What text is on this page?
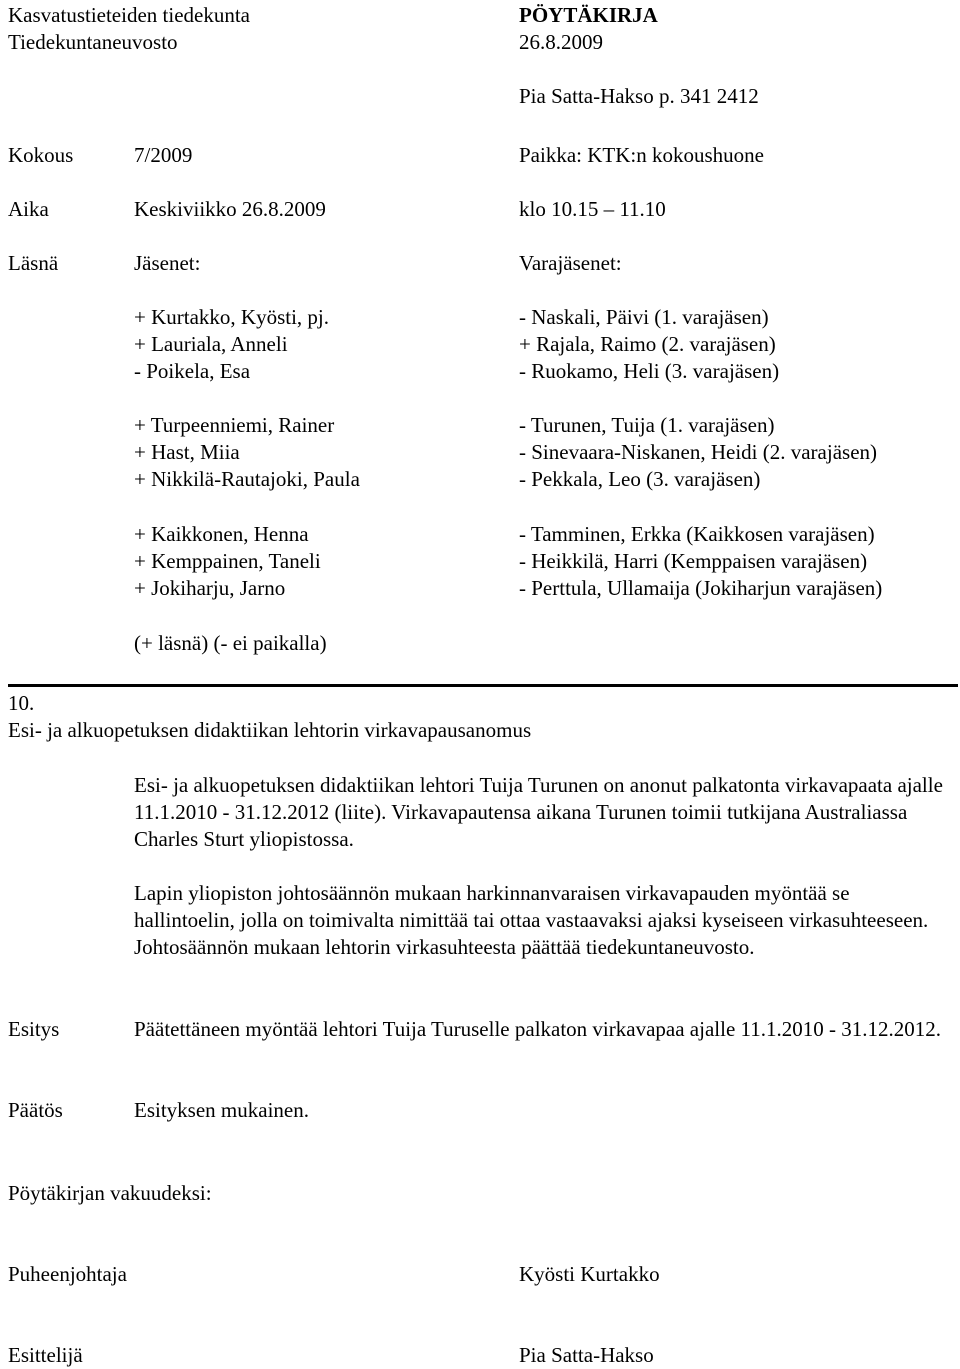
Kasvatustieteiden tiedekunta
Tiedekuntaneuvosto
PÖYTÄKIRJA
26.8.2009
Pia Satta-Hakso p. 341 2412
Kokous	7/2009	Paikka: KTK:n kokoushuone
Aika	Keskiviikko 26.8.2009	klo 10.15 – 11.10
Läsnä	Jäsenet:	Varajäsenet:
+ Kurtakko, Kyösti, pj.	- Naskali, Päivi (1. varajäsen)
+ Lauriala, Anneli	+ Rajala, Raimo (2. varajäsen)
- Poikela, Esa	- Ruokamo, Heli (3. varajäsen)
+ Turpeenniemi, Rainer	- Turunen, Tuija (1. varajäsen)
+ Hast, Miia	- Sinevaara-Niskanen, Heidi (2. varajäsen)
+ Nikkilä-Rautajoki, Paula	- Pekkala, Leo (3. varajäsen)
+ Kaikkonen, Henna	- Tamminen, Erkka (Kaikkosen varajäsen)
+ Kemppainen, Taneli	- Heikkilä, Harri (Kemppaisen varajäsen)
+ Jokiharju, Jarno	- Perttula, Ullamaija (Jokiharjun varajäsen)
(+ läsnä) (- ei paikalla)
10.
Esi- ja alkuopetuksen didaktiikan lehtorin virkavapausanomus
Esi- ja alkuopetuksen didaktiikan lehtori Tuija Turunen on anonut palkatonta virkavapaata ajalle 11.1.2010 - 31.12.2012 (liite). Virkavapautensa aikana Turunen toimii tutkijana Australiassa Charles Sturt yliopistossa.
Lapin yliopiston johtosäännön mukaan harkinnanvaraisen virkavapauden myöntää se hallintoelin, jolla on toimivalta nimittää tai ottaa vastaavaksi ajaksi kyseiseen virkasuhteeseen. Johtosäännön mukaan lehtorin virkasuhteesta päättää tiedekuntaneuvosto.
Esitys	Päätettäneen myöntää lehtori Tuija Turuselle palkaton virkavapaa ajalle 11.1.2010 - 31.12.2012.
Päätös	Esityksen mukainen.
Pöytäkirjan vakuudeksi:
Puheenjohtaja	Kyösti Kurtakko
Esittelijä	Pia Satta-Hakso
